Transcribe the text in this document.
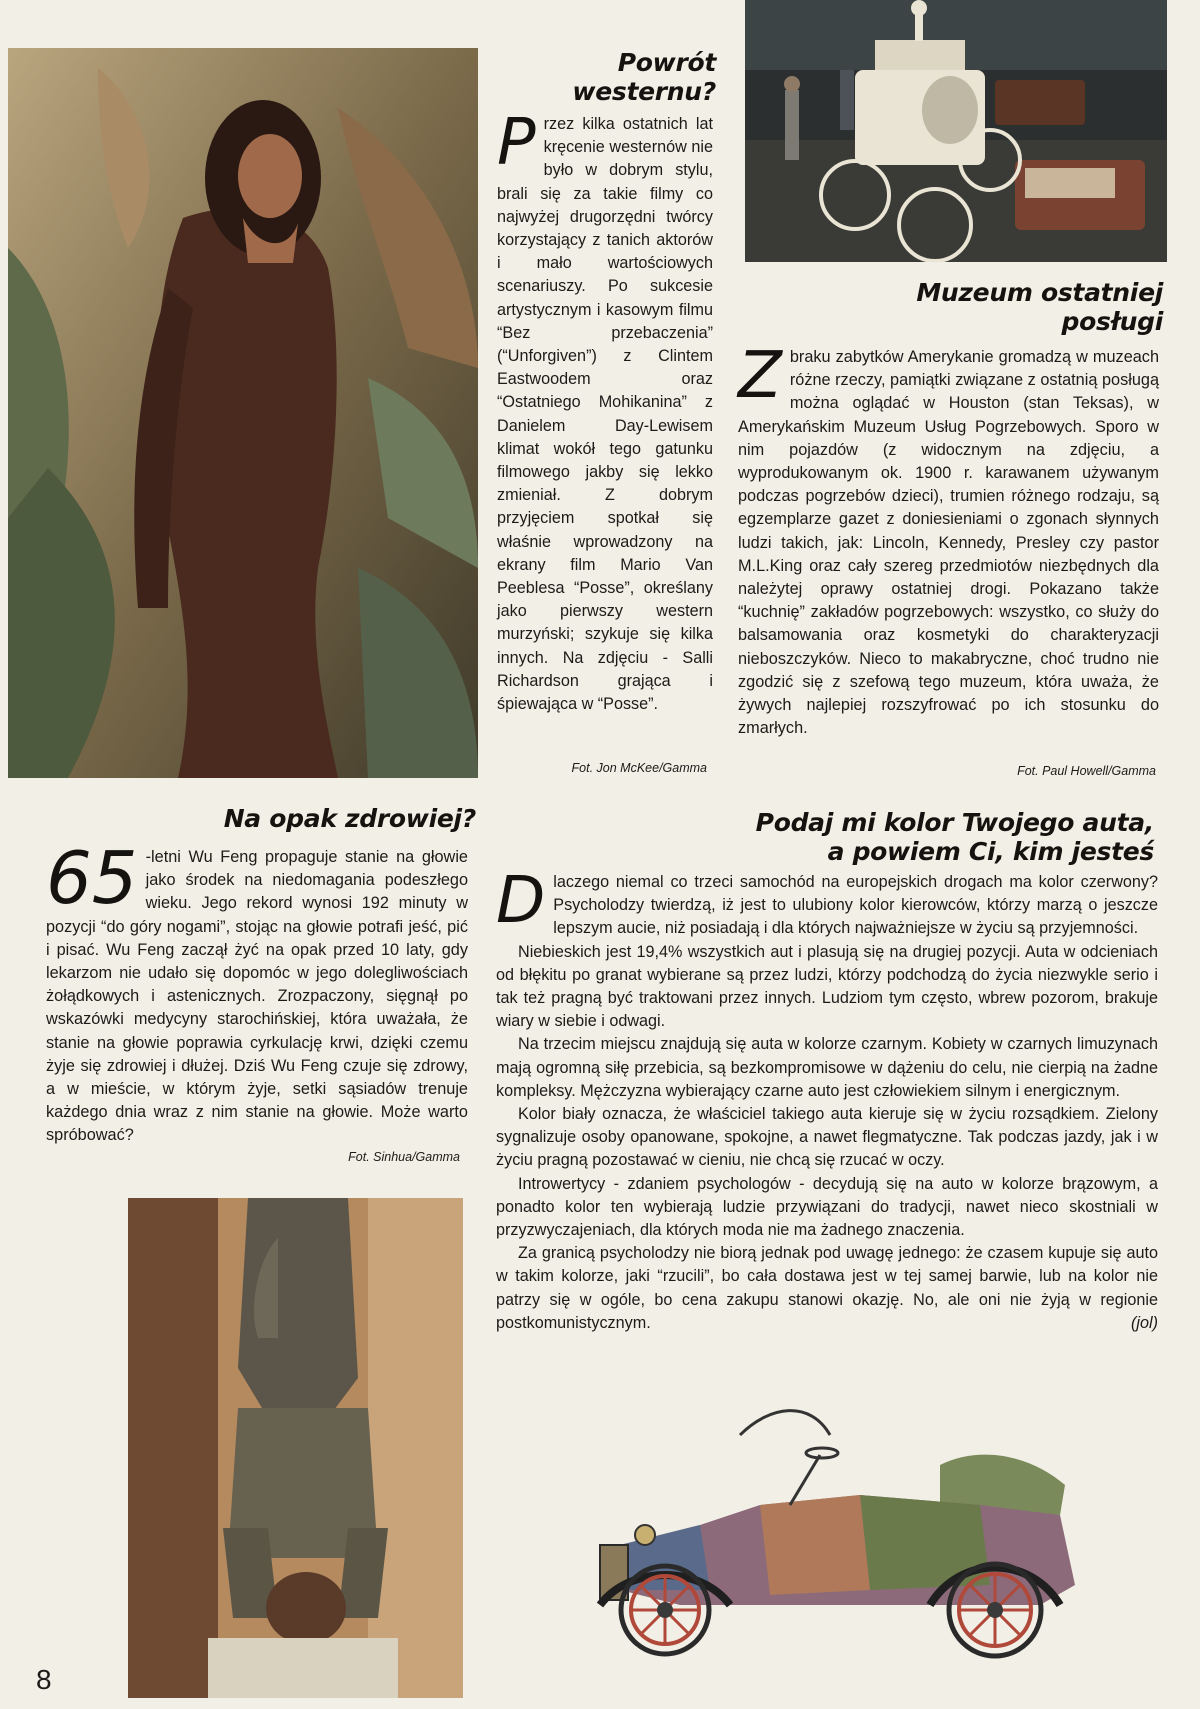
Powrót
westernu?
P rzez kilka ostatnich lat kręcenie westernów nie było w dobrym stylu, brali się za takie filmy co najwyżej drugorzędni twórcy korzystający z tanich aktorów i mało wartościowych scenariuszy. Po sukcesie artystycznym i kasowym filmu “Bez przebaczenia” (“Unforgiven”) z Clintem Eastwoodem oraz “Ostatniego Mohikanina” z Danielem Day-Lewisem klimat wokół tego gatunku filmowego jakby się lekko zmieniał. Z dobrym przyjęciem spotkał się właśnie wprowadzony na ekrany film Mario Van Peeblesa “Posse”, określany jako pierwszy western murzyński; szykuje się kilka innych. Na zdjęciu - Salli Richardson grająca i śpiewająca w “Posse”.
Fot. Jon McKee/Gamma
Muzeum ostatniej
posługi
Z braku zabytków Amerykanie gromadzą w muzeach różne rzeczy, pamiątki związane z ostatnią posługą można oglądać w Houston (stan Teksas), w Amerykańskim Muzeum Usług Pogrzebowych. Sporo w nim pojazdów (z widocznym na zdjęciu, a wyprodukowanym ok. 1900 r. karawanem używanym podczas pogrzebów dzieci), trumien różnego rodzaju, są egzemplarze gazet z doniesieniami o zgonach słynnych ludzi takich, jak: Lincoln, Kennedy, Presley czy pastor M.L.King oraz cały szereg przedmiotów niezbędnych dla należytej oprawy ostatniej drogi. Pokazano także “kuchnię” zakładów pogrzebowych: wszystko, co służy do balsamowania oraz kosmetyki do charakteryzacji nieboszczyków. Nieco to makabryczne, choć trudno nie zgodzić się z szefową tego muzeum, która uważa, że żywych najlepiej rozszyfrować po ich stosunku do zmarłych.
Fot. Paul Howell/Gamma
Na opak zdrowiej?
65 -letni Wu Feng propaguje stanie na głowie jako środek na niedomagania podeszłego wieku. Jego rekord wynosi 192 minuty w pozycji “do góry nogami”, stojąc na głowie potrafi jeść, pić i pisać. Wu Feng zaczął żyć na opak przed 10 laty, gdy lekarzom nie udało się dopomóc w jego dolegliwościach żołądkowych i astenicznych. Zrozpaczony, sięgnął po wskazówki medycyny starochińskiej, która uważała, że stanie na głowie poprawia cyrkulację krwi, dzięki czemu żyje się zdrowiej i dłużej. Dziś Wu Feng czuje się zdrowy, a w mieście, w którym żyje, setki sąsiadów trenuje każdego dnia wraz z nim stanie na głowie. Może warto spróbować?
Fot. Sinhua/Gamma
Podaj mi kolor Twojego auta,
a powiem Ci, kim jesteś

D laczego niemal co trzeci samochód na europejskich drogach ma kolor czerwony? Psycholodzy twierdzą, iż jest to ulubiony kolor kierowców, którzy marzą o jeszcze lepszym aucie, niż posiadają i dla których najważniejsze w życiu są przyjemności.

Niebieskich jest 19,4% wszystkich aut i plasują się na drugiej pozycji. Auta w odcieniach od błękitu po granat wybierane są przez ludzi, którzy podchodzą do życia niezwykle serio i tak też pragną być traktowani przez innych. Ludziom tym często, wbrew pozorom, brakuje wiary w siebie i odwagi.

Na trzecim miejscu znajdują się auta w kolorze czarnym. Kobiety w czarnych limuzynach mają ogromną siłę przebicia, są bezkompromisowe w dążeniu do celu, nie cierpią na żadne kompleksy. Mężczyzna wybierający czarne auto jest człowiekiem silnym i energicznym.

Kolor biały oznacza, że właściciel takiego auta kieruje się w życiu rozsądkiem. Zielony sygnalizuje osoby opanowane, spokojne, a nawet flegmatyczne. Tak podczas jazdy, jak i w życiu pragną pozostawać w cieniu, nie chcą się rzucać w oczy.

Introwertycy - zdaniem psychologów - decydują się na auto w kolorze brązowym, a ponadto kolor ten wybierają ludzie przywiązani do tradycji, nawet nieco skostniali w przyzwyczajeniach, dla których moda nie ma żadnego znaczenia.

Za granicą psycholodzy nie biorą jednak pod uwagę jednego: że czasem kupuje się auto w takim kolorze, jaki “rzucili”, bo cała dostawa jest w tej samej barwie, lub na kolor nie patrzy się w ogóle, bo cena zakupu stanowi okazję. No, ale oni nie żyją w regionie postkomunistycznym.	(jol)

8
